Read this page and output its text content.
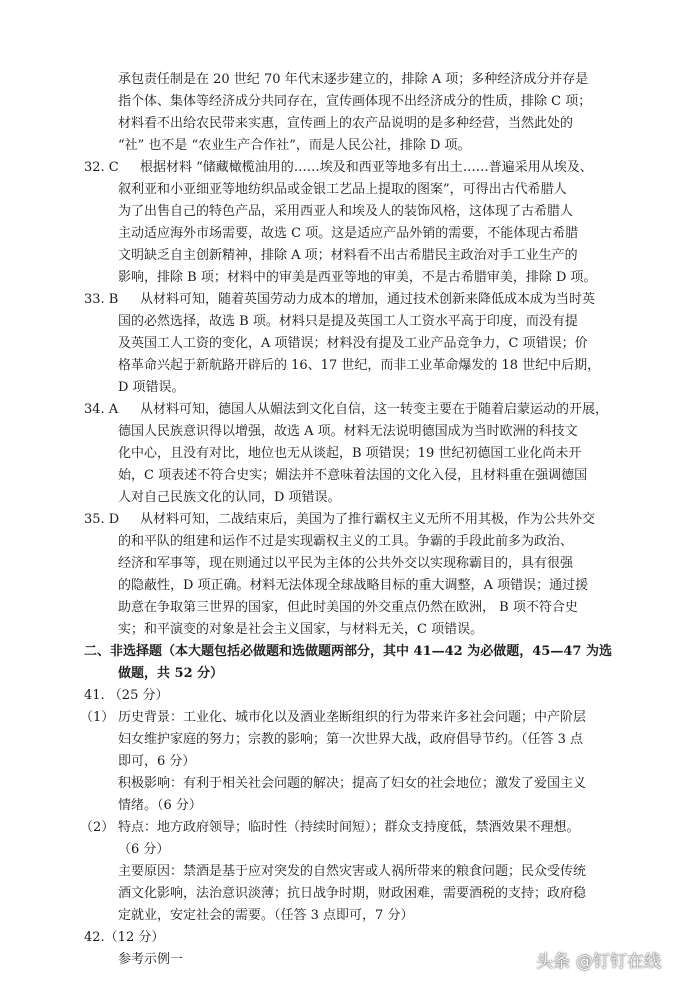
承包责任制是在 20 世纪 70 年代末逐步建立的，排除 A 项；多种经济成分并存是
指个体、集体等经济成分共同存在，宣传画体现不出经济成分的性质，排除 C 项；
材料看不出给农民带来实惠，宣传画上的农产品说明的是多种经营，当然此处的
“社” 也不是 “农业生产合作社”，而是人民公社，排除 D 项。
32. C 根据材料 “储藏橄榄油用的……埃及和西亚等地多有出土……普遍采用从埃及、
叙利亚和小亚细亚等地纺织品或金银工艺品上提取的图案”，可得出古代希腊人
为了出售自己的特色产品，采用西亚人和埃及人的装饰风格，这体现了古希腊人
主动适应海外市场需要，故选 C 项。这是适应产品外销的需要，不能体现古希腊
文明缺乏自主创新精神，排除 A 项；材料看不出古希腊民主政治对手工业生产的
影响，排除 B 项；材料中的审美是西亚等地的审美，不是古希腊审美，排除 D 项。
33. B 从材料可知，随着英国劳动力成本的增加，通过技术创新来降低成本成为当时英
国的必然选择，故选 B 项。材料只是提及英国工人工资水平高于印度，而没有提
及英国工人工资的变化，A 项错误；材料没有提及工业产品竞争力，C 项错误；价
格革命兴起于新航路开辟后的 16、17 世纪，而非工业革命爆发的 18 世纪中后期，
D 项错误。
34. A 从材料可知，德国人从媚法到文化自信，这一转变主要在于随着启蒙运动的开展，
德国人民族意识得以增强，故选 A 项。材料无法说明德国成为当时欧洲的科技文
化中心，且没有对比，地位也无从谈起，B 项错误；19 世纪初德国工业化尚未开
始，C 项表述不符合史实；媚法并不意味着法国的文化入侵，且材料重在强调德国
人对自己民族文化的认同，D 项错误。
35. D 从材料可知，二战结束后，美国为了推行霸权主义无所不用其极，作为公共外交
的和平队的组建和运作不过是实现霸权主义的工具。争霸的手段此前多为政治、
经济和军事等，现在则通过以平民为主体的公共外交以实现称霸目的，具有很强
的隐蔽性，D 项正确。材料无法体现全球战略目标的重大调整，A 项错误；通过援
助意在争取第三世界的国家，但此时美国的外交重点仍然在欧洲， B 项不符合史
实；和平演变的对象是社会主义国家，与材料无关，C 项错误。
二、非选择题（本大题包括必做题和选做题两部分，其中 41—42 为必做题，45—47 为选
做题，共 52 分）
41. （25 分）
（1） 历史背景：工业化、城市化以及酒业垄断组织的行为带来许多社会问题；中产阶层
妇女维护家庭的努力；宗教的影响；第一次世界大战，政府倡导节约。（任答 3 点
即可，6 分）
积极影响：有利于相关社会问题的解决；提高了妇女的社会地位；激发了爱国主义
情绪。（6 分）
（2） 特点：地方政府领导；临时性（持续时间短）；群众支持度低，禁酒效果不理想。
（6 分）
主要原因：禁酒是基于应对突发的自然灾害或人祸所带来的粮食问题；民众受传统
酒文化影响，法治意识淡薄；抗日战争时期，财政困难，需要酒税的支持；政府稳
定就业，安定社会的需要。（任答 3 点即可，7 分）
42.（12 分）
参考示例一	头条 @钉钉在线
